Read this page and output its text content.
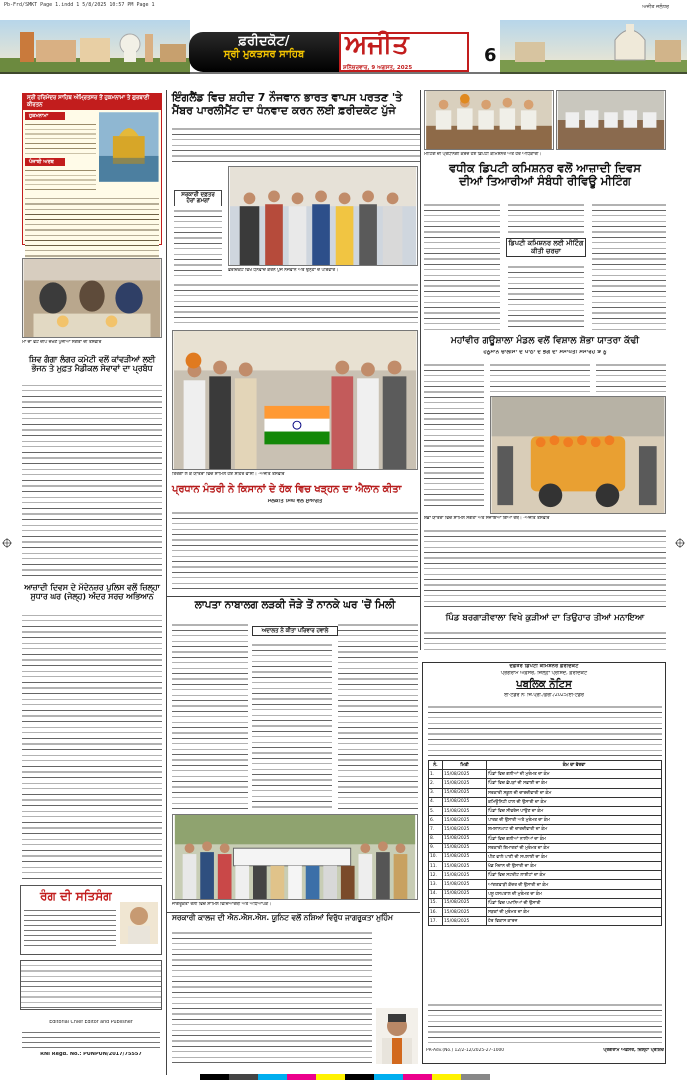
Pb-Frd/SMKT Page 1.indd 1 5/8/2025 10:57 PM Page 1	ਅਜੀਤ ਜਲੰਧਰ
ਫ਼ਰੀਦਕੋਟ/
ਸ੍ਰੀ ਮੁਕਤਸਰ ਸਾਹਿਬ	ਅਜੀਤ
ਸ਼ਨਿੱਚਰਵਾਰ, 9 ਅਗਸਤ, 2025
6
ਸ੍ਰੀ ਹਰਿਮੰਦਰ ਸਾਹਿਬ ਅੰਮ੍ਰਿਤਸਰ ਤੋਂ ਹੁਕਮਨਾਮਾ ਤੇ ਗੁਰਬਾਣੀ ਕੀਰਤਨ
ਹੁਕਮਨਾਮਾ
ਪੰਜਾਬੀ ਅਰਥ
ਮਾਂ ਦਾ ਫੋਟੋ ਦੀਪ ਦੇਖਣ ਪੁੱਜੀਆਂ ਸੰਗਤਾਂ ਦੀ ਤਸਵੀਰ
ਸ਼ਿਵ ਗੰਗਾ ਲੰਗਰ ਕਮੇਟੀ ਵਲੋਂ ਕਾਂਵੜੀਆਂ ਲਈ
ਭੋਜਨ ਤੇ ਮੁਫ਼ਤ ਮੈਡੀਕਲ ਸੇਵਾਵਾਂ ਦਾ ਪ੍ਰਬੰਧ
ਆਜ਼ਾਦੀ ਦਿਵਸ ਦੇ ਮੱਦੇਨਜ਼ਰ ਪੁਲਿਸ ਵਲੋਂ ਜ਼ਿਲ੍ਹਾ
ਸੁਧਾਰ ਘਰ (ਜੇਲ੍ਹ) ਅੰਦਰ ਸਰਚ ਅਭਿਆਨ
ਰੰਗ ਦੀ ਸਤਿਸੰਗ
Editorial Chief Editor and Publisher
RNI Regd. No.: PUNPUN/2017/75557
ਇੰਗਲੈਂਡ ਵਿਚ ਸ਼ਹੀਦ 7 ਨੌਜਵਾਨ ਭਾਰਤ ਵਾਪਸ ਪਰਤਣ 'ਤੇ
ਮੈਂਬਰ ਪਾਰਲੀਮੈਂਟ ਦਾ ਧੰਨਵਾਦ ਕਰਨ ਲਈ ਫ਼ਰੀਦਕੋਟ ਪੁੱਜੇ
ਸਰਕਾਰੀ ਦਫ਼ਤਰ
ਹੋਰਾਂ ਗਮਗਾਂ
ਫ਼ਰੀਦਕੋਟ ਵਿਖੇ ਧੰਨਵਾਦ ਕਰਨ ਪੁੱਜੇ ਨੌਜਵਾਨ ਅਤੇ ਉਨ੍ਹਾਂ ਦੇ ਪਰਿਵਾਰ।
ਤਿਰੰਗਾ ਲੈ ਕੇ ਯਾਤਰਾ ਵਿਚ ਸ਼ਾਮਿਲ ਹੋਏ ਸ਼ਹਿਰ ਵਾਸੀ। -ਅਜੀਤ ਤਸਵੀਰ
ਪ੍ਰਧਾਨ ਮੰਤਰੀ ਨੇ ਕਿਸਾਨਾਂ ਦੇ ਹੱਕ ਵਿਚ ਖੜ੍ਹਨ ਦਾ ਐਲਾਨ ਕੀਤਾ
ਮਲਕੀਤ ਸਿੰਘ ਵਲੋਂ ਸੁਆਗਤ
ਮੀਟਿੰਗ ਦੀ ਪ੍ਰਧਾਨਗੀ ਕਰਦੇ ਹੋਏ ਡਿਪਟੀ ਕਮਿਸ਼ਨਰ ਅਤੇ ਹੋਰ ਅਧਿਕਾਰੀ।
ਵਧੀਕ ਡਿਪਟੀ ਕਮਿਸ਼ਨਰ ਵਲੋਂ ਆਜ਼ਾਦੀ ਦਿਵਸ
ਦੀਆਂ ਤਿਆਰੀਆਂ ਸੰਬੰਧੀ ਰੀਵਿਊ ਮੀਟਿੰਗ
ਡਿਪਟੀ ਕਮਿਸ਼ਨਰ ਲਈ ਮੀਟਿੰਗ
ਕੀਤੀ ਚਰਚਾ
ਮਹਾਂਵੀਰ ਗਊਸ਼ਾਲਾ ਮੰਡਲ ਵਲੋਂ ਵਿਸ਼ਾਲ ਸ਼ੋਭਾ ਯਾਤਰਾ ਕੱਢੀ
ਹਨੂਮਾਨ ਚਾਲੀਸਾ ਦੇ ਪਾਠਾਂ ਦੇ ਭੋਗ ਦਾ ਸਮਾਪਤੀ ਸਮਾਰੋਹ 9 ਨੂੰ
ਸ਼ੋਭਾ ਯਾਤਰਾ ਵਿਚ ਸ਼ਾਮਿਲ ਸੰਗਤਾਂ ਅਤੇ ਸਜਾਇਆ ਗਿਆ ਰੱਥ। -ਅਜੀਤ ਤਸਵੀਰ
ਪਿੰਡ ਬਰਗਾੜੀਵਾਲਾ ਵਿਖੇ ਕੁੜੀਆਂ ਦਾ ਤਿਉਹਾਰ ਤੀਆਂ ਮਨਾਇਆ
ਲਾਪਤਾ ਨਾਬਾਲਗ ਲੜਕੀ ਜੋੜੇ ਤੋਂ ਨਾਨਕੇ ਘਰ 'ਚੋਂ ਮਿਲੀ
ਅਦਾਲਤ ਨੇ ਕੀਤਾ ਪਰਿਵਾਰ ਹਵਾਲੇ
ਜਾਗਰੂਕਤਾ ਰੈਲੀ ਵਿਚ ਸ਼ਾਮਿਲ ਵਿਦਿਆਰਥੀ ਅਤੇ ਅਧਿਆਪਕ।
ਸਰਕਾਰੀ ਕਾਲਜ ਦੀ ਐਨ.ਐਸ.ਐਸ. ਯੂਨਿਟ ਵਲੋਂ ਨਸ਼ਿਆਂ ਵਿਰੁੱਧ ਜਾਗਰੂਕਤਾ ਮੁਹਿੰਮ
ਦਫ਼ਤਰ ਡਿਪਟੀ ਕਮਿਸ਼ਨਰ ਫ਼ਰੀਦਕੋਟ
ਪ੍ਰੋਗਰਾਮ ਅਫ਼ਸਰ, ਜ਼ਿਲ੍ਹਾ ਪ੍ਰੀਸ਼ਦ, ਫ਼ਰੀਦਕੋਟ
ਪਬਲਿਕ ਨੋਟਿਸ
ਈ-ਟੈਂਡਰ ਨੰ: ਜ਼ਿ.ਪ੍ਰੀ./ਫ਼ਰੀ./2025/ਈ-ਟੈਂਡਰ
ਨੰ.	ਮਿਤੀ	ਕੰਮ ਦਾ ਵੇਰਵਾ
1.	15/08/2025	ਪਿੰਡਾਂ ਵਿਚ ਗਲੀਆਂ ਦੀ ਮੁਰੰਮਤ ਦਾ ਕੰਮ
2.	15/08/2025	ਪਿੰਡਾਂ ਵਿਚ ਛੱਪੜਾਂ ਦੀ ਸਫ਼ਾਈ ਦਾ ਕੰਮ
3.	15/08/2025	ਸਰਕਾਰੀ ਸਕੂਲ ਦੀ ਚਾਰਦੀਵਾਰੀ ਦਾ ਕੰਮ
4.	15/08/2025	ਕਮਿਊਨਿਟੀ ਹਾਲ ਦੀ ਉਸਾਰੀ ਦਾ ਕੰਮ
5.	15/08/2025	ਪਿੰਡਾਂ ਵਿਚ ਸੀਵਰੇਜ ਪਾਉਣ ਦਾ ਕੰਮ
6.	15/08/2025	ਪਾਰਕ ਦੀ ਉਸਾਰੀ ਅਤੇ ਮੁਰੰਮਤ ਦਾ ਕੰਮ
7.	15/08/2025	ਸ਼ਮਸ਼ਾਨਘਾਟ ਦੀ ਚਾਰਦੀਵਾਰੀ ਦਾ ਕੰਮ
8.	15/08/2025	ਪਿੰਡਾਂ ਵਿਚ ਗਲੀਆਂ ਨਾਲੀਆਂ ਦਾ ਕੰਮ
9.	15/08/2025	ਸਰਕਾਰੀ ਇਮਾਰਤਾਂ ਦੀ ਮੁਰੰਮਤ ਦਾ ਕੰਮ
10.	15/08/2025	ਪੀਣ ਵਾਲੇ ਪਾਣੀ ਦੀ ਸਪਲਾਈ ਦਾ ਕੰਮ
11.	15/08/2025	ਖੇਡ ਮੈਦਾਨ ਦੀ ਉਸਾਰੀ ਦਾ ਕੰਮ
12.	15/08/2025	ਪਿੰਡਾਂ ਵਿਚ ਸਟਰੀਟ ਲਾਈਟਾਂ ਦਾ ਕੰਮ
13.	15/08/2025	ਆਂਗਣਵਾੜੀ ਕੇਂਦਰ ਦੀ ਉਸਾਰੀ ਦਾ ਕੰਮ
14.	15/08/2025	ਪਸ਼ੂ ਹਸਪਤਾਲ ਦੀ ਮੁਰੰਮਤ ਦਾ ਕੰਮ
15.	15/08/2025	ਪਿੰਡਾਂ ਵਿਚ ਪਖਾਨਿਆਂ ਦੀ ਉਸਾਰੀ
16.	15/08/2025	ਸੜਕਾਂ ਦੀ ਮੁਰੰਮਤ ਦਾ ਕੰਮ
17.	15/08/2025	ਹੋਰ ਵਿਕਾਸ ਕਾਰਜ
PR-Adv.(No.) 12/2-12/2025-27-1000	ਪ੍ਰੋਗਰਾਮ ਅਫ਼ਸਰ, ਜ਼ਿਲ੍ਹਾ ਪ੍ਰੀਸ਼ਦ
